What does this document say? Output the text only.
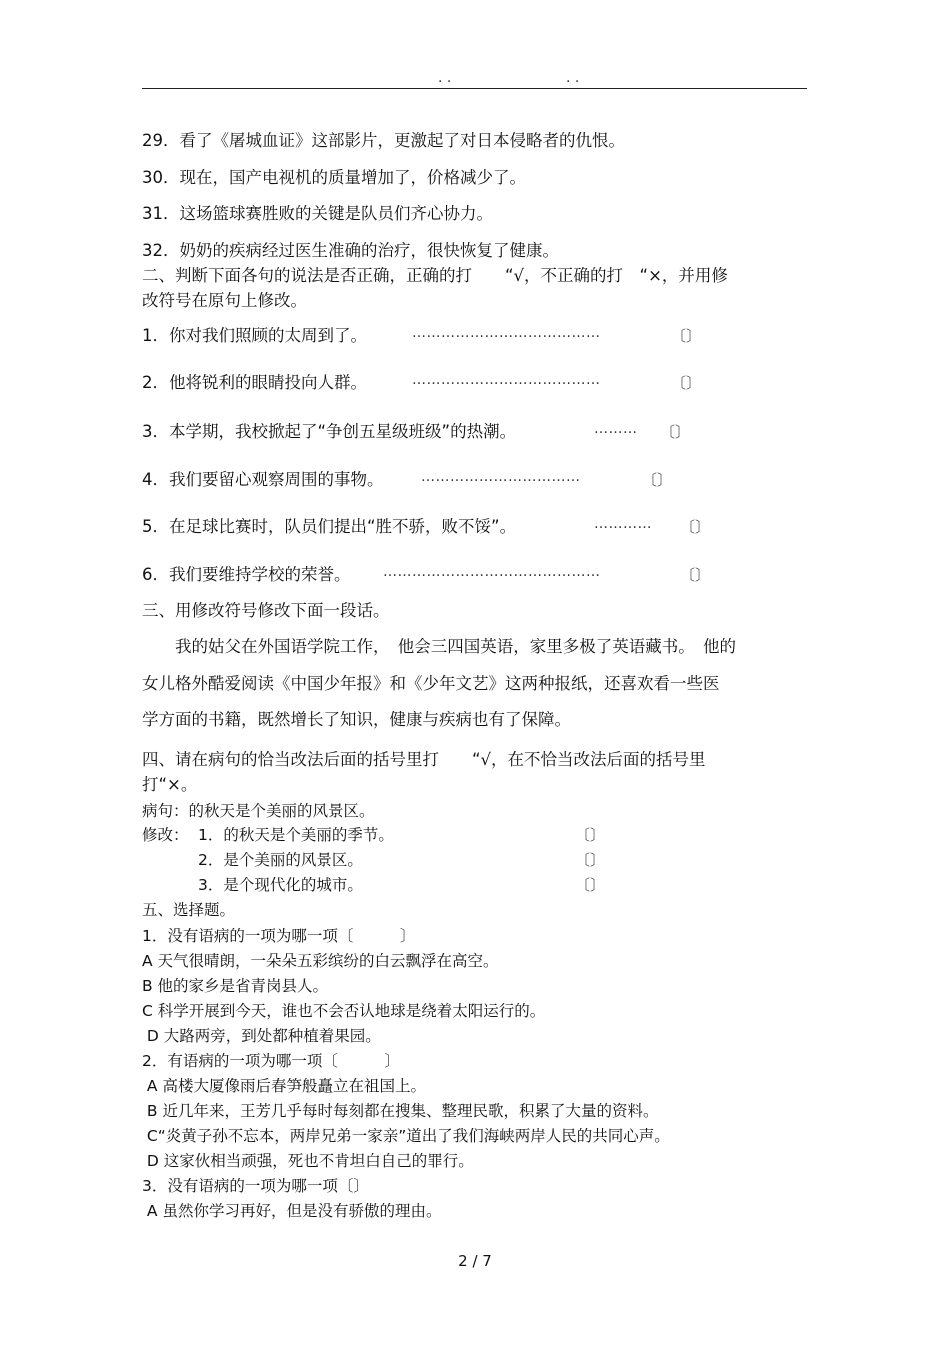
. .	. .
29．看了《屠城血证》这部影片，更激起了对日本侵略者的仇恨。
30．现在，国产电视机的质量增加了，价格减少了。
31．这场篮球赛胜败的关键是队员们齐心协力。
32．奶奶的疾病经过医生准确的治疗，很快恢复了健康。
二、判断下面各句的说法是否正确，正确的打　　“√，不正确的打　“×，并用修
改符号在原句上修改。
1．你对我们照顾的太周到了。	…………………………………	〔〕
2．他将锐利的眼睛投向人群。	…………………………………	〔〕
3．本学期，我校掀起了“争创五星级班级”的热潮。	………	〔〕
4．我们要留心观察周围的事物。	……………………………	〔〕
5．在足球比赛时，队员们提出“胜不骄，败不馁”。	…………	〔〕
6．我们要维持学校的荣誉。 ………………………………………	〔〕
三、用修改符号修改下面一段话。
　　我的姑父在外国语学院工作，　他会三四国英语，家里多极了英语藏书。　他的
女儿格外酷爱阅读《中国少年报》和《少年文艺》这两种报纸，还喜欢看一些医
学方面的书籍，既然增长了知识，健康与疾病也有了保障。
四、请在病句的恰当改法后面的括号里打　　“√，在不恰当改法后面的括号里
打“×。
病句：的秋天是个美丽的风景区。
修改： 1．的秋天是个美丽的季节。	〔〕
2．是个美丽的风景区。	〔〕
3．是个现代化的城市。	〔〕
五、选择题。
1．没有语病的一项为哪一项〔　　　〕
A 天气很晴朗，一朵朵五彩缤纷的白云飘浮在高空。
B 他的家乡是省青岗县人。
C 科学开展到今天，谁也不会否认地球是绕着太阳运行的。
D 大路两旁，到处都种植着果园。
2．有语病的一项为哪一项〔　　　〕
A 高楼大厦像雨后春笋般矗立在祖国上。
B 近几年来，王芳几乎每时每刻都在搜集、整理民歌，积累了大量的资料。
C“炎黄子孙不忘本，两岸兄弟一家亲”道出了我们海峡两岸人民的共同心声。
D 这家伙相当顽强，死也不肯坦白自己的罪行。
3．没有语病的一项为哪一项〔〕
A 虽然你学习再好，但是没有骄傲的理由。
2 / 7
